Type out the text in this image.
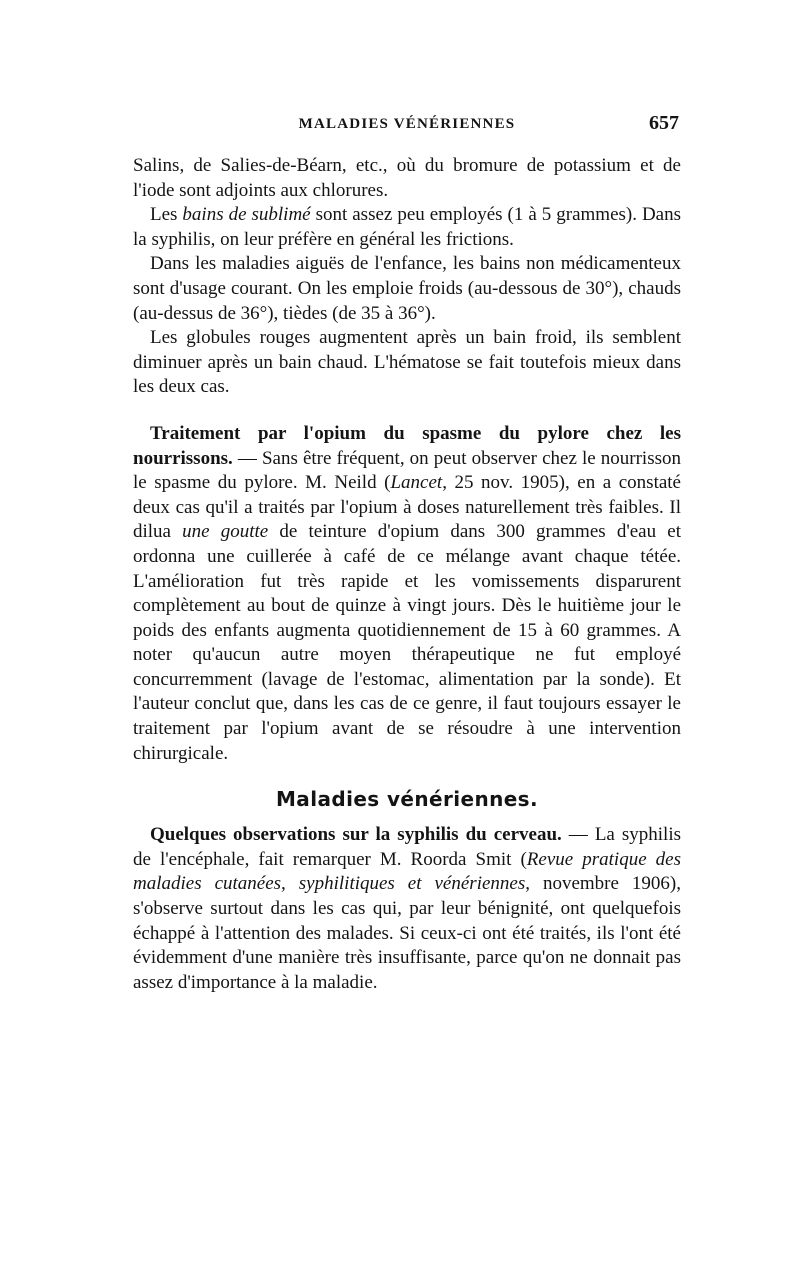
MALADIES VÉNÉRIENNES	657

Salins, de Salies-de-Béarn, etc., où du bromure de potassium et de l'iode sont adjoints aux chlorures.

Les bains de sublimé sont assez peu employés (1 à 5 grammes). Dans la syphilis, on leur préfère en général les frictions.

Dans les maladies aiguës de l'enfance, les bains non médicamenteux sont d'usage courant. On les emploie froids (au-dessous de 30°), chauds (au-dessus de 36°), tièdes (de 35 à 36°).

Les globules rouges augmentent après un bain froid, ils semblent diminuer après un bain chaud. L'hématose se fait toutefois mieux dans les deux cas.

Traitement par l'opium du spasme du pylore chez les nourrissons. — Sans être fréquent, on peut observer chez le nourrisson le spasme du pylore. M. Neild (Lancet, 25 nov. 1905), en a constaté deux cas qu'il a traités par l'opium à doses naturellement très faibles. Il dilua une goutte de teinture d'opium dans 300 grammes d'eau et ordonna une cuillerée à café de ce mélange avant chaque tétée. L'amélioration fut très rapide et les vomissements disparurent complètement au bout de quinze à vingt jours. Dès le huitième jour le poids des enfants augmenta quotidiennement de 15 à 60 grammes. A noter qu'aucun autre moyen thérapeutique ne fut employé concurremment (lavage de l'estomac, alimentation par la sonde). Et l'auteur conclut que, dans les cas de ce genre, il faut toujours essayer le traitement par l'opium avant de se résoudre à une intervention chirurgicale.

Maladies vénériennes.

Quelques observations sur la syphilis du cerveau. — La syphilis de l'encéphale, fait remarquer M. Roorda Smit (Revue pratique des maladies cutanées, syphilitiques et vénériennes, novembre 1906), s'observe surtout dans les cas qui, par leur bénignité, ont quelquefois échappé à l'attention des malades. Si ceux-ci ont été traités, ils l'ont été évidemment d'une manière très insuffisante, parce qu'on ne donnait pas assez d'importance à la maladie.
